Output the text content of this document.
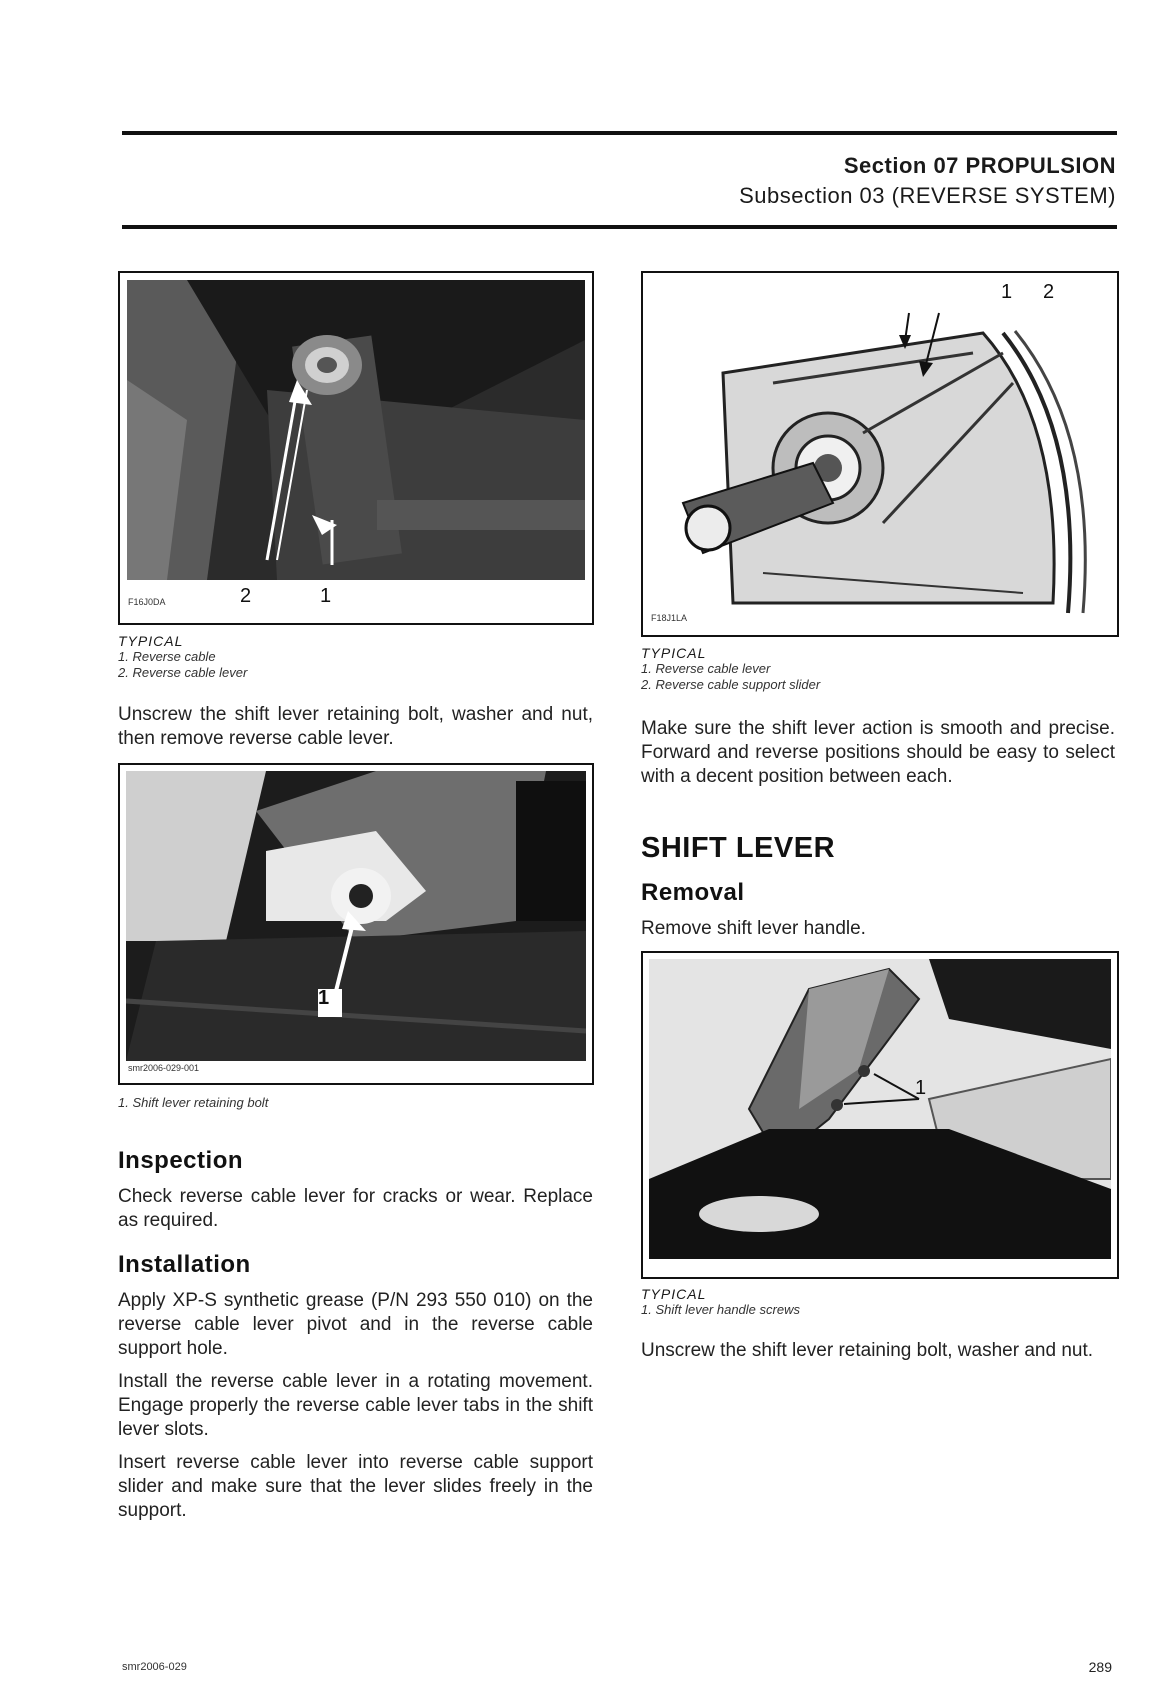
Section 07 PROPULSION
Subsection 03 (REVERSE SYSTEM)
F16J0DA	2	1
TYPICAL
1. Reverse cable
2. Reverse cable lever

Unscrew the shift lever retaining bolt, washer and nut, then remove reverse cable lever.

smr2006-029-001
1
1. Shift lever retaining bolt
Inspection

Check reverse cable lever for cracks or wear. Replace as required.

Installation

Apply XP-S synthetic grease (P/N 293 550 010) on the reverse cable lever pivot and in the reverse cable support hole.

Install the reverse cable lever in a rotating movement. Engage properly the reverse cable lever tabs in the shift lever slots.

Insert reverse cable lever into reverse cable support slider and make sure that the lever slides freely in the support.

F18J1LA
1 2
TYPICAL
1. Reverse cable lever
2. Reverse cable support slider

Make sure the shift lever action is smooth and precise. Forward and reverse positions should be easy to select with a decent position between each.

SHIFT LEVER
Removal

Remove shift lever handle.

1
TYPICAL
1. Shift lever handle screws

Unscrew the shift lever retaining bolt, washer and nut.

smr2006-029	289
